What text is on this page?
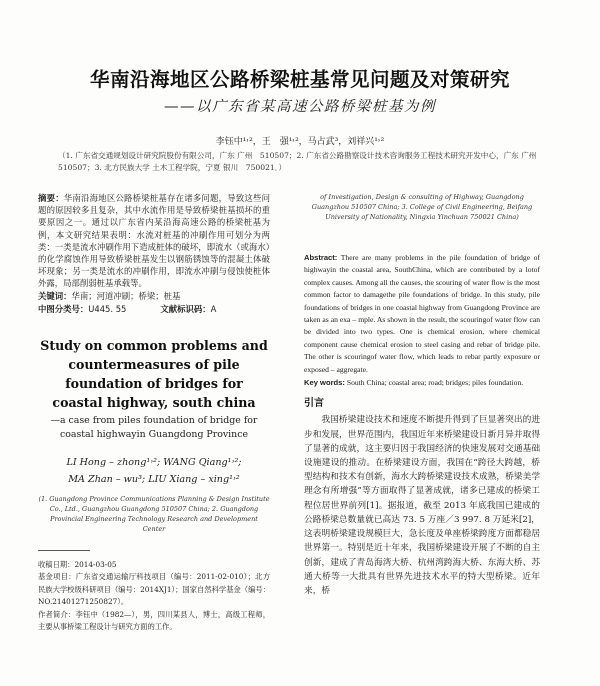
华南沿海地区公路桥梁桩基常见问题及对策研究
——以广东省某高速公路桥梁桩基为例
李钰中¹˒²，王　强¹˒²，马占武³，刘祥兴¹˒²
（1. 广东省交通规划设计研究院股份有限公司，广东 广州　510507；2. 广东省公路勘察设计技术咨询服务工程技术研究开发中心，广东 广州　510507；3. 北方民族大学 土木工程学院，宁夏 银川　750021．）
摘要：华南沿海地区公路桥梁桩基存在诸多问题，导致这些问题的原因较多且复杂，其中水流作用是导致桥梁桩基损坏的重要原因之一。通过以广东省内某沿海高速公路的桥梁桩基为例，本文研究结果表明：水流对桩基的冲刷作用可划分为两类：一类是流水冲刷作用下造成桩体的破坏，即流水（或海水）的化学腐蚀作用导致桥梁桩基发生以钢筋锈蚀等的混凝土体破坏现象；另一类是流水的冲刷作用，即流水冲刷与侵蚀使桩体外露，局部削弱桩基承载等。
关键词：华南；河道冲刷；桥梁；桩基
中图分类号：U445. 55	文献标识码：A
Study on common problems and countermeasures of pile foundation of bridges for coastal highway, south china
—a case from piles foundation of bridge for coastal highwayin Guangdong Province
LI Hong – zhong¹˒²; WANG Qiang¹˒²;
MA Zhan – wu³; LIU Xiang – xing¹˒²
(1. Guangdong Province Communications Planning & Design Institute Co., Ltd., Guangzhou Guangdong 510507 China; 2. Guangdong Provincial Engineering Technology Research and Development Center
收稿日期：2014-03-05
基金项目：广东省交通运输厅科技项目（编号：2011-02-010）；北方民族大学校级科研项目（编号：2014XJ1）；国家自然科学基金（编号：NO.21401271250827）。
作者简介：李钰中（1982—），男，四川某县人，博士，高级工程师，主要从事桥梁工程设计与研究方面的工作。
of Investigation, Design & consulting of Highway, Guangdong Guangzhou 510507 China; 3. College of Civil Engineering, Beifang University of Nationality, Ningxia Yinchuan 750021 China)
Abstract: There are many problems in the pile foundation of bridge of highwayin the coastal area, SouthChina, which are contributed by a lotof complex causes. Among all the causes, the scouring of water flow is the most common factor to damagethe pile foundations of bridge. In this study, pile foundations of bridges in one coastal highway from Guangdong Province are taken as an exa – mple. As shown in the result, the scouringof water flow can be divided into two types. One is chemical erosion, where chemical component cause chemical erosion to steel casing and rebar of bridge pile. The other is scouringof water flow, which leads to rebar partly exposure or exposed – aggregate.
Key words: South China; coastal area; road; bridges; piles foundation.
引言
我国桥梁建设技术和速度不断提升得到了巨显著突出的进步和发展，世界范围内，我国近年来桥梁建设日新月异并取得了显著的成就，这主要归因于我国经济的快速发展对交通基础设施建设的推动。在桥梁建设方面，我国在“跨径大跨越，桥型结构和技术有创新，海水大跨桥梁建设技术成熟，桥梁美学理念有所增强”等方面取得了显著成就，诸多已建成的桥梁工程位居世界前列[1]。据报道，截至 2013 年底我国已建成的公路桥梁总数量就已高达 73. 5 万座／3 997. 8 万延米[2]，这表明桥梁建设规模巨大，急长度及单座桥梁跨度方面都稳居世界第一。特别是近十年来，我国桥梁建设开展了不断的自主创新，建成了青岛海湾大桥、杭州湾跨海大桥、东海大桥、苏通大桥等一大批具有世界先进技术水平的特大型桥梁。近年来，桥
